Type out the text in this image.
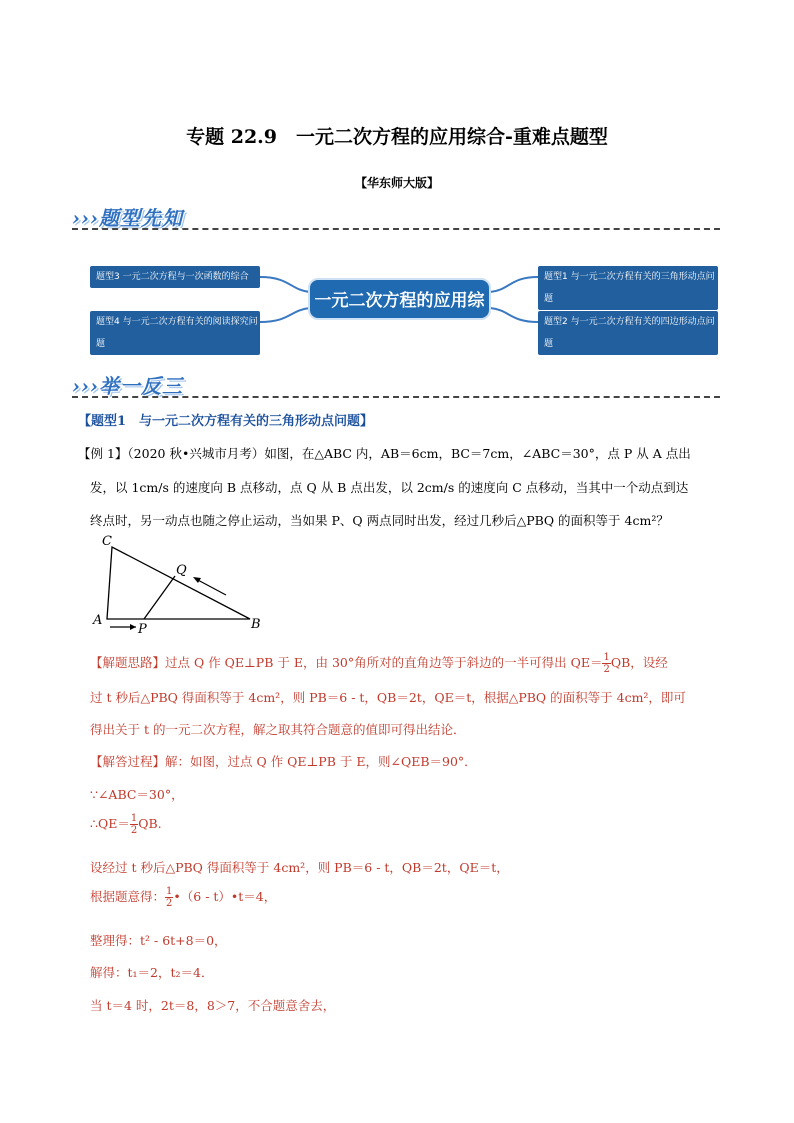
专题 22.9　一元二次方程的应用综合-重难点题型
【华东师大版】
›››题型先知
题型3 一元二次方程与一次函数的综合
题型4 与一元二次方程有关的阅读探究问题
一元二次方程的应用综合
题型1 与一元二次方程有关的三角形动点问题
题型2 与一元二次方程有关的四边形动点问题
›››举一反三
【题型1　与一元二次方程有关的三角形动点问题】
【例 1】（2020 秋•兴城市月考）如图，在△ABC 内，AB＝6cm，BC＝7cm，∠ABC＝30°，点 P 从 A 点出
发，以 1cm/s 的速度向 B 点移动，点 Q 从 B 点出发，以 2cm/s 的速度向 C 点移动，当其中一个动点到达
终点时，另一动点也随之停止运动，当如果 P、Q 两点同时出发，经过几秒后△PBQ 的面积等于 4cm²？
C
Q
A
P	B
【解题思路】过点 Q 作 QE⊥PB 于 E，由 30°角所对的直角边等于斜边的一半可得出 $QE= \frac{1}{2}$ QB，设经
过 t 秒后△PBQ 得面积等于 4cm²，则 PB＝6 - t，QB＝2t，QE＝t，根据△PBQ 的面积等于 4cm²，即可
得出关于 t 的一元二次方程，解之取其符合题意的值即可得出结论．
【解答过程】解：如图，过点 Q 作 QE⊥PB 于 E，则∠QEB＝90°．
∵∠ABC＝30°，
∴QE＝ $\frac{1}{2}$ QB.
设经过 t 秒后△PBQ 得面积等于 4cm²，则 PB＝6 - t，QB＝2t，QE＝t，
根据题意得： $\frac{1}{2}$ •（6 - t）•t＝4，
整理得：t² - 6t+8＝0，
解得：t₁＝2，t₂＝4．
当 t＝4 时，2t＝8，8＞7，不合题意舍去，
